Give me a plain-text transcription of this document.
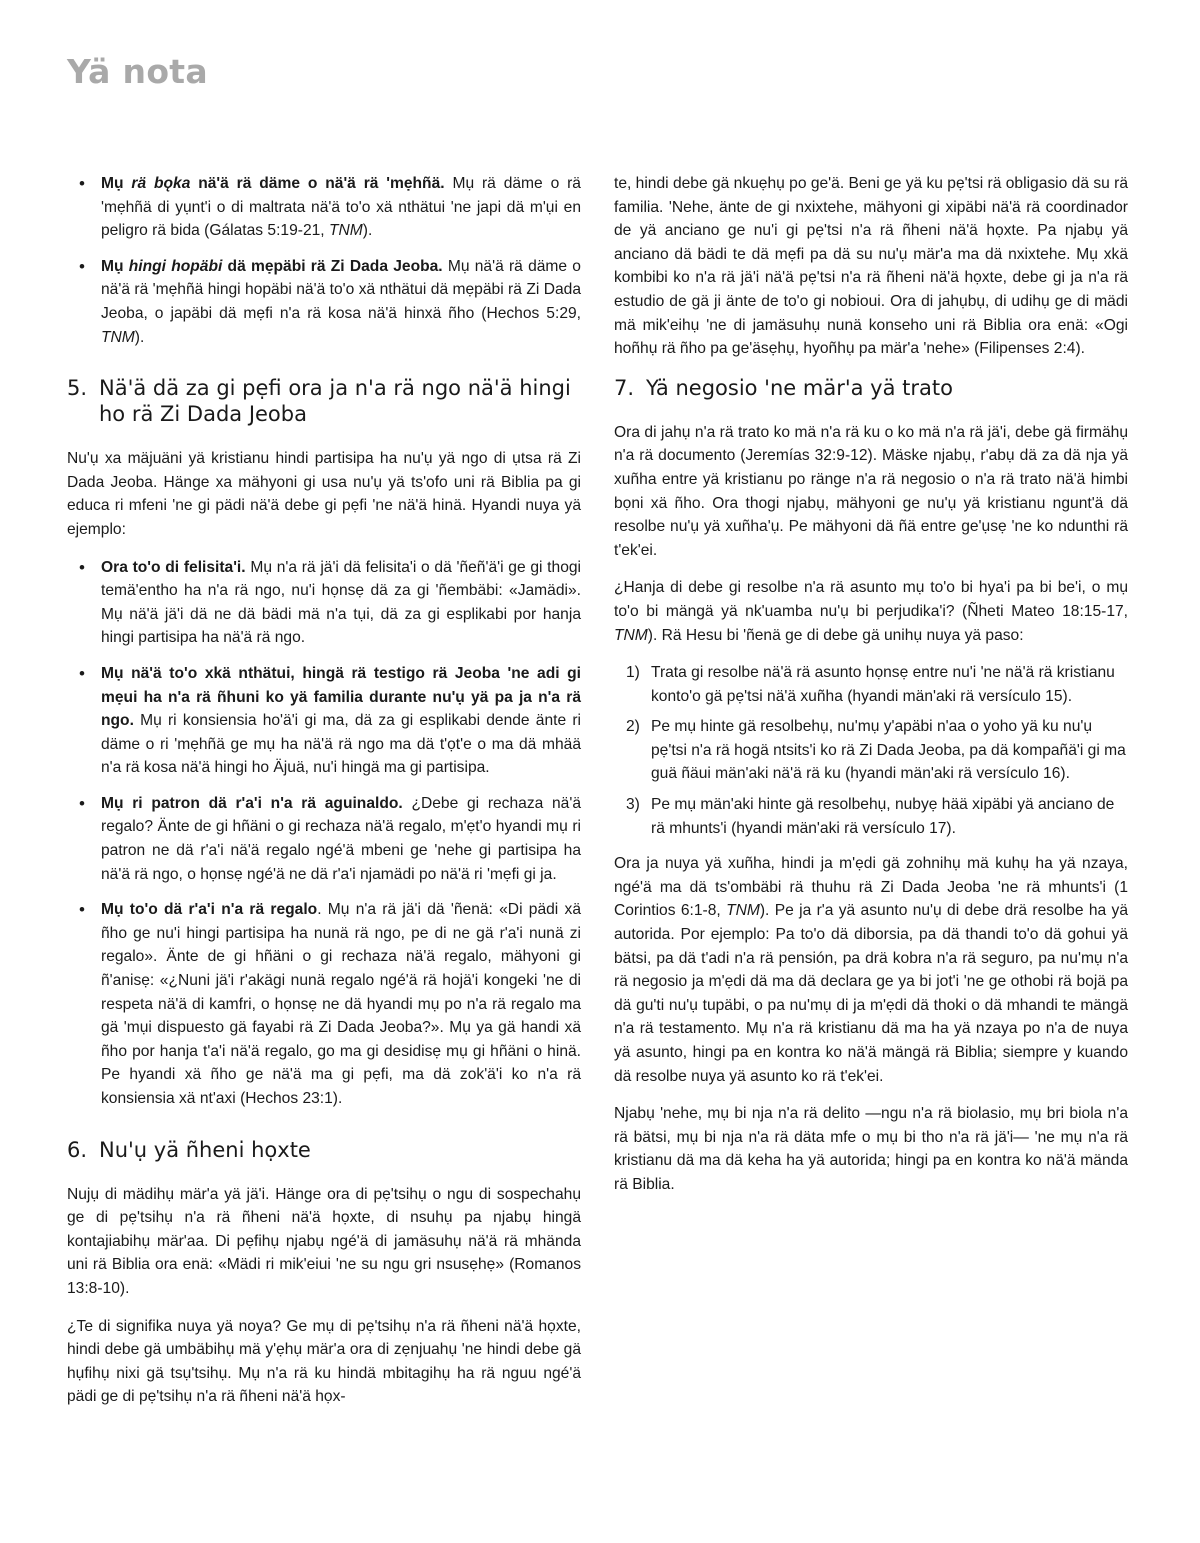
Yä nota
• Mụ rä bǫka nä'ä rä däme o nä'ä rä 'mẹhñä. Mụ rä däme o rä 'mẹhñä di yụnt'i o di maltrata nä'ä to'o xä nthätui 'ne japi dä m'ụi en peligro rä bida (Gálatas 5:19-21, TNM).
• Mụ hingi hopäbi dä mẹpäbi rä Zi Dada Jeoba. Mụ nä'ä rä däme o nä'ä rä 'mẹhñä hingi hopäbi nä'ä to'o xä nthätui dä mẹpäbi rä Zi Dada Jeoba, o japäbi dä mẹfi n'a rä kosa nä'ä hinxä ñho (Hechos 5:29, TNM).
5. Nä'ä dä za gi pẹfi ora ja n'a rä ngo nä'ä hingi ho rä Zi Dada Jeoba

Nu'ụ xa mäjuäni yä kristianu hindi partisipa ha nu'ụ yä ngo di ụtsa rä Zi Dada Jeoba. Hänge xa mähyoni gi usa nu'ụ yä ts'ofo uni rä Biblia pa gi educa ri mfeni 'ne gi pädi nä'ä debe gi pẹfi 'ne nä'ä hinä. Hyandi nuya yä ejemplo:

• Ora to'o di felisita'i. Mụ n'a rä jä'i dä felisita'i o dä 'ñeñ'ä'i ge gi thogi temä'entho ha n'a rä ngo, nu'i họnsẹ dä za gi 'ñembäbi: «Jamädi». Mụ nä'ä jä'i dä ne dä bädi mä n'a tụi, dä za gi esplikabi por hanja hingi partisipa ha nä'ä rä ngo.
• Mụ nä'ä to'o xkä nthätui, hingä rä testigo rä Jeoba 'ne adi gi mẹui ha n'a rä ñhuni ko yä familia durante nu'ụ yä pa ja n'a rä ngo. Mụ ri konsiensia ho'ä'i gi ma, dä za gi esplikabi dende änte ri däme o ri 'mẹhñä ge mụ ha nä'ä rä ngo ma dä t'ọt'e o ma dä mhää n'a rä kosa nä'ä hingi ho Äjuä, nu'i hingä ma gi partisipa.
• Mụ ri patron dä r'a'i n'a rä aguinaldo. ¿Debe gi rechaza nä'ä regalo? Änte de gi hñäni o gi rechaza nä'ä regalo, m'ẹt'o hyandi mụ ri patron ne dä r'a'i nä'ä regalo ngé'ä mbeni ge 'nehe gi partisipa ha nä'ä rä ngo, o họnsẹ ngé'ä ne dä r'a'i njamädi po nä'ä ri 'mẹfi gi ja.
• Mụ to'o dä r'a'i n'a rä regalo. Mụ n'a rä jä'i dä 'ñenä: «Di pädi xä ñho ge nu'i hingi partisipa ha nunä rä ngo, pe di ne gä r'a'i nunä zi regalo». Änte de gi hñäni o gi rechaza nä'ä regalo, mähyoni gi ñ'anisẹ: «¿Nuni jä'i r'akägi nunä regalo ngé'ä rä hojä'i kongeki 'ne di respeta nä'ä di kamfri, o họnsẹ ne dä hyandi mụ po n'a rä regalo ma gä 'mụi dispuesto gä fayabi rä Zi Dada Jeoba?». Mụ ya gä handi xä ñho por hanja t'a'i nä'ä regalo, go ma gi desidisẹ mụ gi hñäni o hinä. Pe hyandi xä ñho ge nä'ä ma gi pẹfi, ma dä zok'ä'i ko n'a rä konsiensia xä nt'axi (Hechos 23:1).
6. Nu'ụ yä ñheni họxte

Nujụ di mädihụ mär'a yä jä'i. Hänge ora di pẹ'tsihụ o ngu di sospechahụ ge di pẹ'tsihụ n'a rä ñheni nä'ä họxte, di nsuhụ pa njabụ hingä kontajiabihụ mär'aa. Di pẹfihụ njabụ ngé'ä di jamäsuhụ nä'ä rä mhända uni rä Biblia ora enä: «Mädi ri mik'eiui 'ne su ngu gri nsusẹhẹ» (Romanos 13:8-10).

¿Te di signifika nuya yä noya? Ge mụ di pẹ'tsihụ n'a rä ñheni nä'ä họxte, hindi debe gä umbäbihụ mä y'ẹhụ mär'a ora di zẹnjuahụ 'ne hindi debe gä hụfihụ nixi gä tsụ'tsihụ. Mụ n'a rä ku hindä mbitagihụ ha rä nguu ngé'ä pädi ge di pẹ'tsihụ n'a rä ñheni nä'ä họx-

te, hindi debe gä nkuẹhụ po ge'ä. Beni ge yä ku pẹ'tsi rä obligasio dä su rä familia. 'Nehe, änte de gi nxixtehe, mähyoni gi xipäbi nä'ä rä coordinador de yä anciano ge nu'i gi pẹ'tsi n'a rä ñheni nä'ä họxte. Pa njabụ yä anciano dä bädi te dä mẹfi pa dä su nu'ụ mär'a ma dä nxixtehe. Mụ xkä kombibi ko n'a rä jä'i nä'ä pẹ'tsi n'a rä ñheni nä'ä họxte, debe gi ja n'a rä estudio de gä ji änte de to'o gi nobioui. Ora di jahụbụ, di udihụ ge di mädi mä mik'eihụ 'ne di jamäsuhụ nunä konseho uni rä Biblia ora enä: «Ogi hoñhụ rä ñho pa ge'äsẹhụ, hyoñhụ pa mär'a 'nehe» (Filipenses 2:4).

7. Yä negosio 'ne mär'a yä trato

Ora di jahụ n'a rä trato ko mä n'a rä ku o ko mä n'a rä jä'i, debe gä firmähụ n'a rä documento (Jeremías 32:9-12). Mäske njabụ, r'abụ dä za dä nja yä xuñha entre yä kristianu po ränge n'a rä negosio o n'a rä trato nä'ä himbi bọni xä ñho. Ora thogi njabụ, mähyoni ge nu'ụ yä kristianu ngunt'ä dä resolbe nu'ụ yä xuñha'ụ. Pe mähyoni dä ñä entre ge'ụsẹ 'ne ko ndunthi rä t'ek'ei.

¿Hanja di debe gi resolbe n'a rä asunto mụ to'o bi hya'i pa bi be'i, o mụ to'o bi mängä yä nk'uamba nu'ụ bi perjudika'i? (Ñheti Mateo 18:15-17, TNM). Rä Hesu bi 'ñenä ge di debe gä unihụ nuya yä paso:

1) Trata gi resolbe nä'ä rä asunto họnsẹ entre nu'i 'ne nä'ä rä kristianu konto'o gä pẹ'tsi nä'ä xuñha (hyandi män'aki rä versículo 15).
2) Pe mụ hinte gä resolbehụ, nu'mụ y'apäbi n'aa o yoho yä ku nu'ụ pẹ'tsi n'a rä hogä ntsits'i ko rä Zi Dada Jeoba, pa dä kompañä'i gi ma guä ñäui män'aki nä'ä rä ku (hyandi män'aki rä versículo 16).
3) Pe mụ män'aki hinte gä resolbehụ, nubyẹ hää xipäbi yä anciano de rä mhunts'i (hyandi män'aki rä versículo 17).

Ora ja nuya yä xuñha, hindi ja m'ẹdi gä zohnihụ mä kuhụ ha yä nzaya, ngé'ä ma dä ts'ombäbi rä thuhu rä Zi Dada Jeoba 'ne rä mhunts'i (1 Corintios 6:1-8, TNM). Pe ja r'a yä asunto nu'ụ di debe drä resolbe ha yä autorida. Por ejemplo: Pa to'o dä diborsia, pa dä thandi to'o dä gohui yä bätsi, pa dä t'adi n'a rä pensión, pa drä kobra n'a rä seguro, pa nu'mụ n'a rä negosio ja m'ẹdi dä ma dä declara ge ya bi jot'i 'ne ge othobi rä bojä pa dä gu'ti nu'ụ tupäbi, o pa nu'mụ di ja m'ẹdi dä thoki o dä mhandi te mängä n'a rä testamento. Mụ n'a rä kristianu dä ma ha yä nzaya po n'a de nuya yä asunto, hingi pa en kontra ko nä'ä mängä rä Biblia; siempre y kuando dä resolbe nuya yä asunto ko rä t'ek'ei.

Njabụ 'nehe, mụ bi nja n'a rä delito —ngu n'a rä biolasio, mụ bri biola n'a rä bätsi, mụ bi nja n'a rä däta mfe o mụ bi tho n'a rä jä'i— 'ne mụ n'a rä kristianu dä ma dä keha ha yä autorida; hingi pa en kontra ko nä'ä mända rä Biblia.
